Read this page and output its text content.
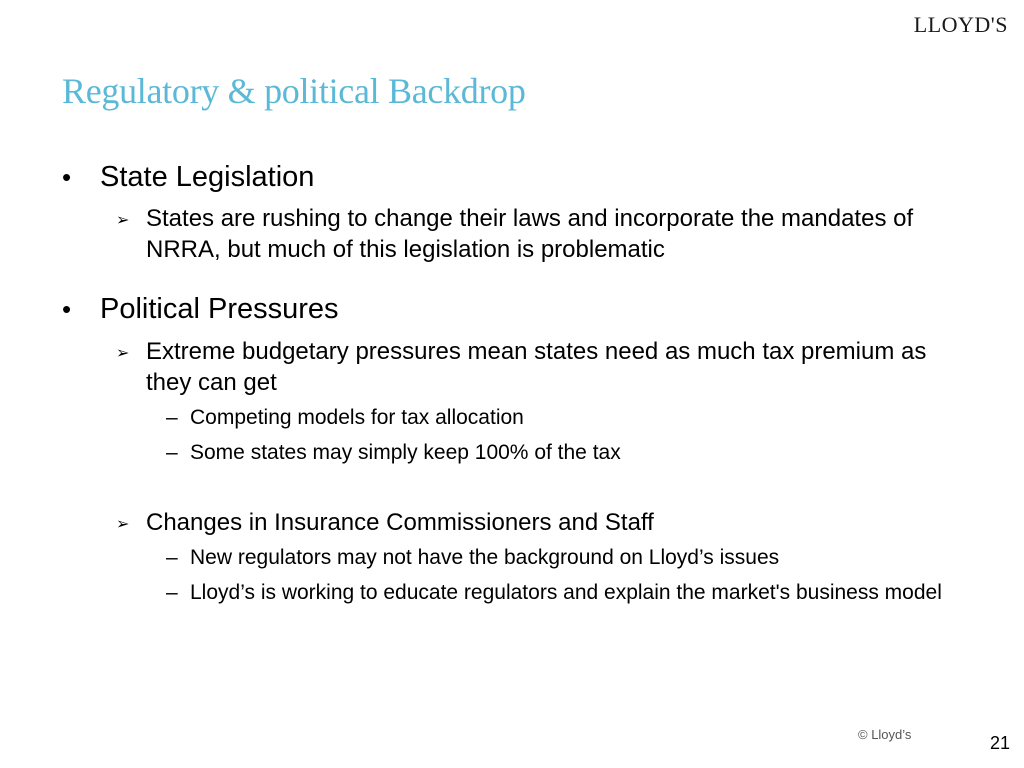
LLOYD'S
Regulatory & political Backdrop
• State Legislation
➢ States are rushing to change their laws and incorporate the mandates of NRRA, but much of this legislation is problematic
• Political Pressures
➢ Extreme budgetary pressures mean states need as much tax premium as they can get
– Competing models for tax allocation
– Some states may simply keep 100% of the tax
➢ Changes in Insurance Commissioners and Staff
– New regulators may not have the background on Lloyd’s issues
– Lloyd’s is working to educate regulators and explain the market's business model
© Lloyd’s	21
